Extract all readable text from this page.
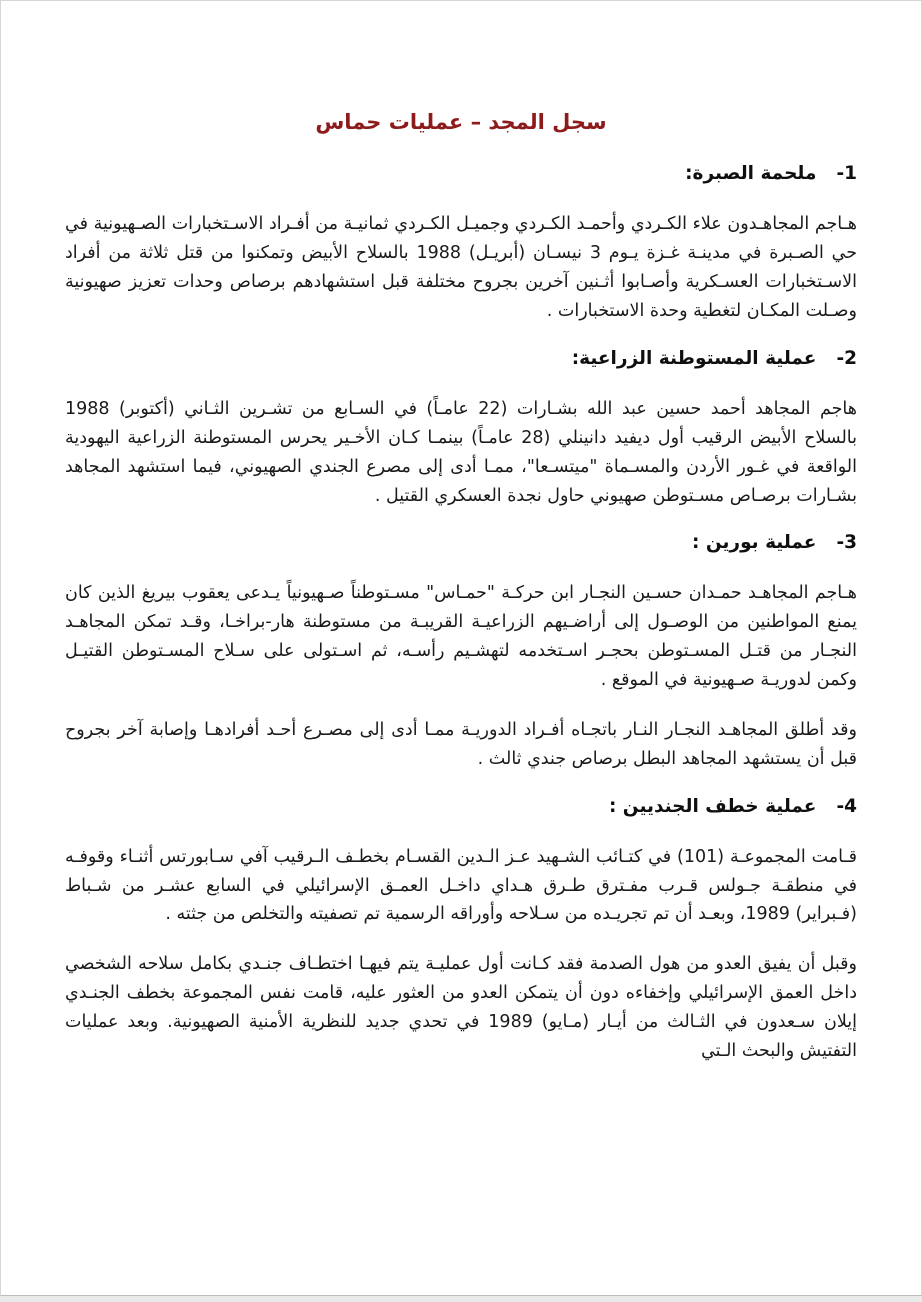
سجل المجد – عمليات حماس
1-
ملحمة الصبرة:

هـاجم المجاهـدون علاء الكـردي وأحمـد الكـردي وجميـل الكـردي ثمانيـة من أفـراد الاسـتخبارات الصـهيونية في حي الصـبرة في مدينـة غـزة يـوم 3 نيسـان (أبريـل) 1988 بالسلاح الأبيض وتمكنوا من قتل ثلاثة من أفراد الاسـتخبارات العسـكرية وأصـابوا أثـنين آخرين بجروح مختلفة قبل استشهادهم برصاص وحدات تعزيز صهيونية وصـلت المكـان لتغطية وحدة الاستخبارات .

2-
عملية المستوطنة الزراعية:

هاجم المجاهد أحمد حسين عبد الله بشـارات (22 عامـاً) في السـابع من تشـرين الثـاني (أكتوبر) 1988 بالسلاح الأبيض الرقيب أول ديفيد دانينلي (28 عامـاً) بينمـا كـان الأخـير يحرس المستوطنة الزراعية اليهودية الواقعة في غـور الأردن والمسـماة "ميتسـعا"، ممـا أدى إلى مصرع الجندي الصهيوني، فيما استشهد المجاهد بشـارات برصـاص مسـتوطن صهيوني حاول نجدة العسكري القتيل .

3-
عملية بورين :

هـاجم المجاهـد حمـدان حسـين النجـار ابن حركـة "حمـاس" مسـتوطناً صـهيونياً يـدعى يعقوب بيريغ الذين كان يمنع المواطنين من الوصـول إلى أراضـيهم الزراعيـة القريبـة من مستوطنة هار-براخـا، وقـد تمكن المجاهـد النجـار من قتـل المسـتوطن بحجـر اسـتخدمه لتهشـيم رأسـه، ثم اسـتولى على سـلاح المسـتوطن القتيـل وكمن لدوريـة صـهيونية في الموقع .

وقد أطلق المجاهـد النجـار النـار باتجـاه أفـراد الدوريـة ممـا أدى إلى مصـرع أحـد أفرادهـا وإصابة آخر بجروح قبل أن يستشهد المجاهد البطل برصاص جندي ثالث .

4-
عملية خطف الجنديين :

قـامت المجموعـة (101) في كتـائب الشـهيد عـز الـدين القسـام بخطـف الـرقيب آفي سـابورتس أثنـاء وقوفـه في منطقـة جـولس قـرب مفـترق طـرق هـداي داخـل العمـق الإسرائيلي في السابع عشـر من شـباط (فـبراير) 1989، وبعـد أن تم تجريـده من سـلاحه وأوراقه الرسمية تم تصفيته والتخلص من جثته .

وقبل أن يفيق العدو من هول الصدمة فقد كـانت أول عمليـة يتم فيهـا اختطـاف جنـدي بكامل سلاحه الشخصي داخل العمق الإسرائيلي وإخفاءه دون أن يتمكن العدو من العثور عليه، قامت نفس المجموعة بخطف الجنـدي إيلان سـعدون في الثـالث من أيـار (مـايو) 1989 في تحدي جديد للنظرية الأمنية الصهيونية. وبعد عمليات التفتيش والبحث الـتي
